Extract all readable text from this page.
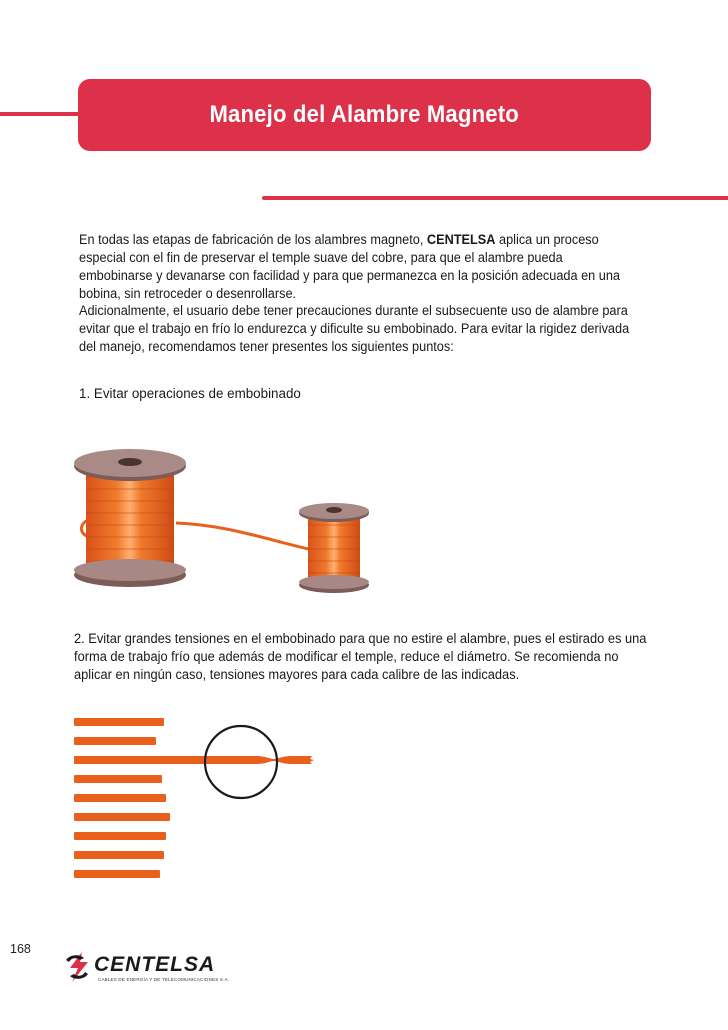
Manejo del Alambre Magneto
En todas las etapas de fabricación de los alambres magneto, CENTELSA aplica un proceso especial con el fin de preservar el temple suave del cobre, para que el alambre pueda embobinarse y devanarse con facilidad y para que permanezca en la posición adecuada en una bobina, sin retroceder o desenrollarse.
Adicionalmente, el usuario debe tener precauciones durante el subsecuente uso de alambre para evitar que el trabajo en frío lo endurezca y dificulte su embobinado. Para evitar la rigidez derivada del manejo, recomendamos tener presentes los siguientes puntos:
1. Evitar operaciones de embobinado
2. Evitar grandes tensiones en el embobinado para que no estire el alambre, pues el estirado es una forma de trabajo frío que además de modificar el temple, reduce el diámetro. Se recomienda no aplicar en ningún caso, tensiones mayores para cada calibre de las indicadas.
168
CENTELSA
CABLES DE ENERGÍA Y DE TELECOMUNICACIONES S.A.
